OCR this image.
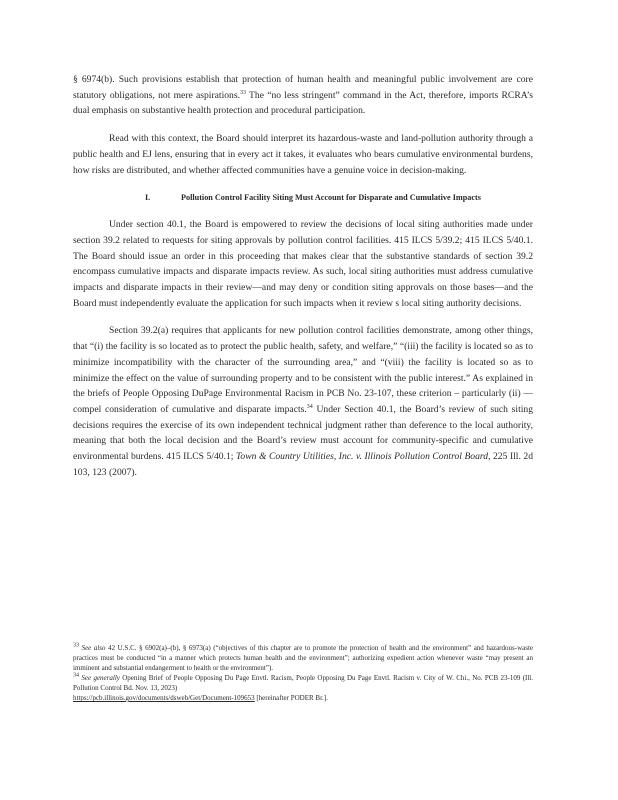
§ 6974(b). Such provisions establish that protection of human health and meaningful public involvement are core statutory obligations, not mere aspirations.$^{33}$ The “no less stringent” command in the Act, therefore, imports RCRA’s dual emphasis on substantive health protection and procedural participation.

Read with this context, the Board should interpret its hazardous-waste and land-pollution authority through a public health and EJ lens, ensuring that in every act it takes, it evaluates who bears cumulative environmental burdens, how risks are distributed, and whether affected communities have a genuine voice in decision-making.

I.	Pollution Control Facility Siting Must Account for Disparate and Cumulative Impacts

Under section 40.1, the Board is empowered to review the decisions of local siting authorities made under section 39.2 related to requests for siting approvals by pollution control facilities. 415 ILCS 5/39.2; 415 ILCS 5/40.1. The Board should issue an order in this proceeding that makes clear that the substantive standards of section 39.2 encompass cumulative impacts and disparate impacts review. As such, local siting authorities must address cumulative impacts and disparate impacts in their review—and may deny or condition siting approvals on those bases—and the Board must independently evaluate the application for such impacts when it review s local siting authority decisions.

Section 39.2(a) requires that applicants for new pollution control facilities demonstrate, among other things, that “(i) the facility is so located as to protect the public health, safety, and welfare,” “(iii) the facility is located so as to minimize incompatibility with the character of the surrounding area,” and “(viii) the facility is located so as to minimize the effect on the value of surrounding property and to be consistent with the public interest.” As explained in the briefs of People Opposing DuPage Environmental Racism in PCB No. 23-107, these criterion – particularly (ii) — compel consideration of cumulative and disparate impacts.$^{34}$ Under Section 40.1, the Board’s review of such siting decisions requires the exercise of its own independent technical judgment rather than deference to the local authority, meaning that both the local decision and the Board’s review must account for community-specific and cumulative environmental burdens. 415 ILCS 5/40.1; Town & Country Utilities, Inc. v. Illinois Pollution Control Board, 225 Ill. 2d 103, 123 (2007).

$^{33}$ See also 42 U.S.C. § 6902(a)–(b), § 6973(a) (“objectives of this chapter are to promote the protection of health and the environment” and hazardous-waste practices must be conducted “in a manner which protects human health and the environment”; authorizing expedient action whenever waste “may present an imminent and substantial endangerment to health or the environment”).

$^{34}$ See generally Opening Brief of People Opposing Du Page Envtl. Racism, People Opposing Du Page Envtl. Racism v. City of W. Chi., No. PCB 23-109 (Ill. Pollution Control Bd. Nov. 13, 2023)
https://pcb.illinois.gov/documents/dsweb/Get/Document-109653 [hereinafter PODER Br.].
